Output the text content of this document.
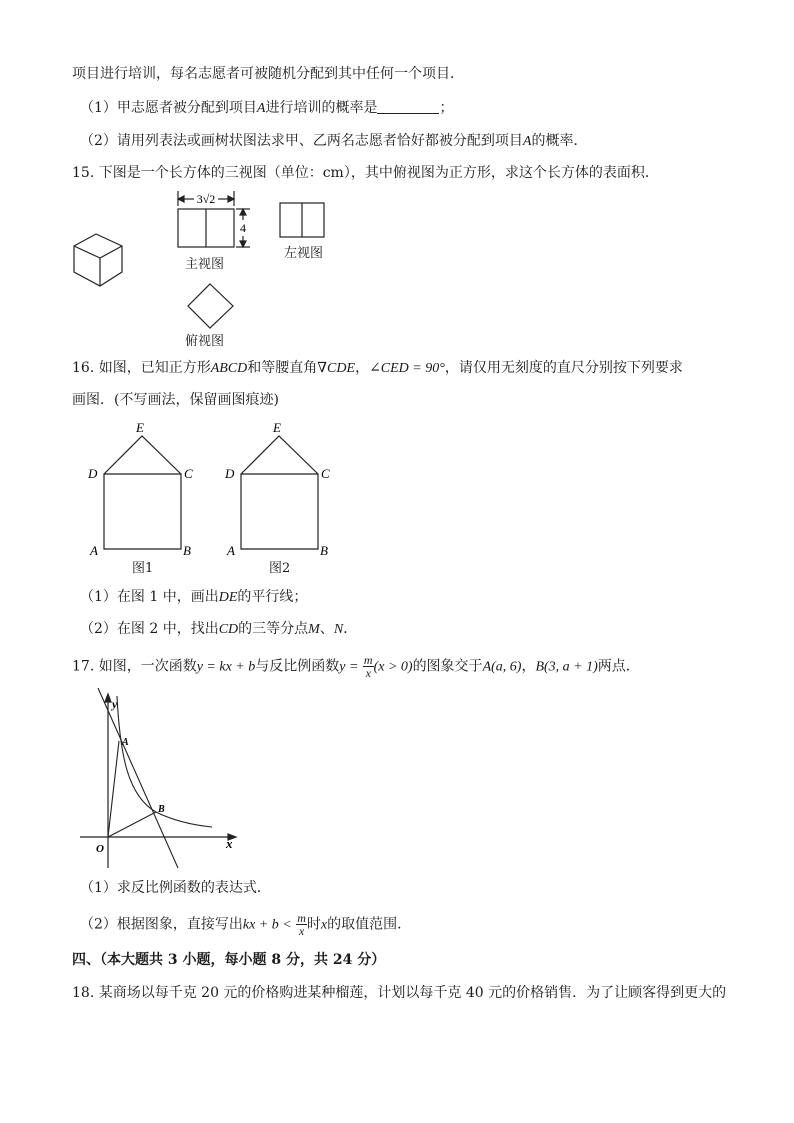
项目进行培训，每名志愿者可被随机分配到其中任何一个项目．
（1）甲志愿者被分配到项目A进行培训的概率是	；
（2）请用列表法或画树状图法求甲、乙两名志愿者恰好都被分配到项目A的概率．
15. 下图是一个长方体的三视图（单位：cm），其中俯视图为正方形，求这个长方体的表面积．
3√2
4
主视图
左视图
俯视图
16. 如图，已知正方形ABCD和等腰直角∇CDE，∠CED = 90°，请仅用无刻度的直尺分别按下列要求
画图．(不写画法，保留画图痕迹)
E
D	C
A	B
E
D	C
A	B
图1	图2
（1）在图 1 中，画出DE的平行线；
（2）在图 2 中，找出CD的三等分点M、N．
17. 如图，一次函数y = kx + b与反比例函数$y = \frac{m}{x} (x > 0)$的图象交于A(a, 6)，B(3, a + 1)两点．
y
x
O
A
B
（1）求反比例函数的表达式．
（2）根据图象，直接写出kx + $b < \frac{m}{x}$ 时x的取值范围．
四、（本大题共 3 小题，每小题 8 分，共 24 分）
18. 某商场以每千克 20 元的价格购进某种榴莲，计划以每千克 40 元的价格销售．为了让顾客得到更大的
